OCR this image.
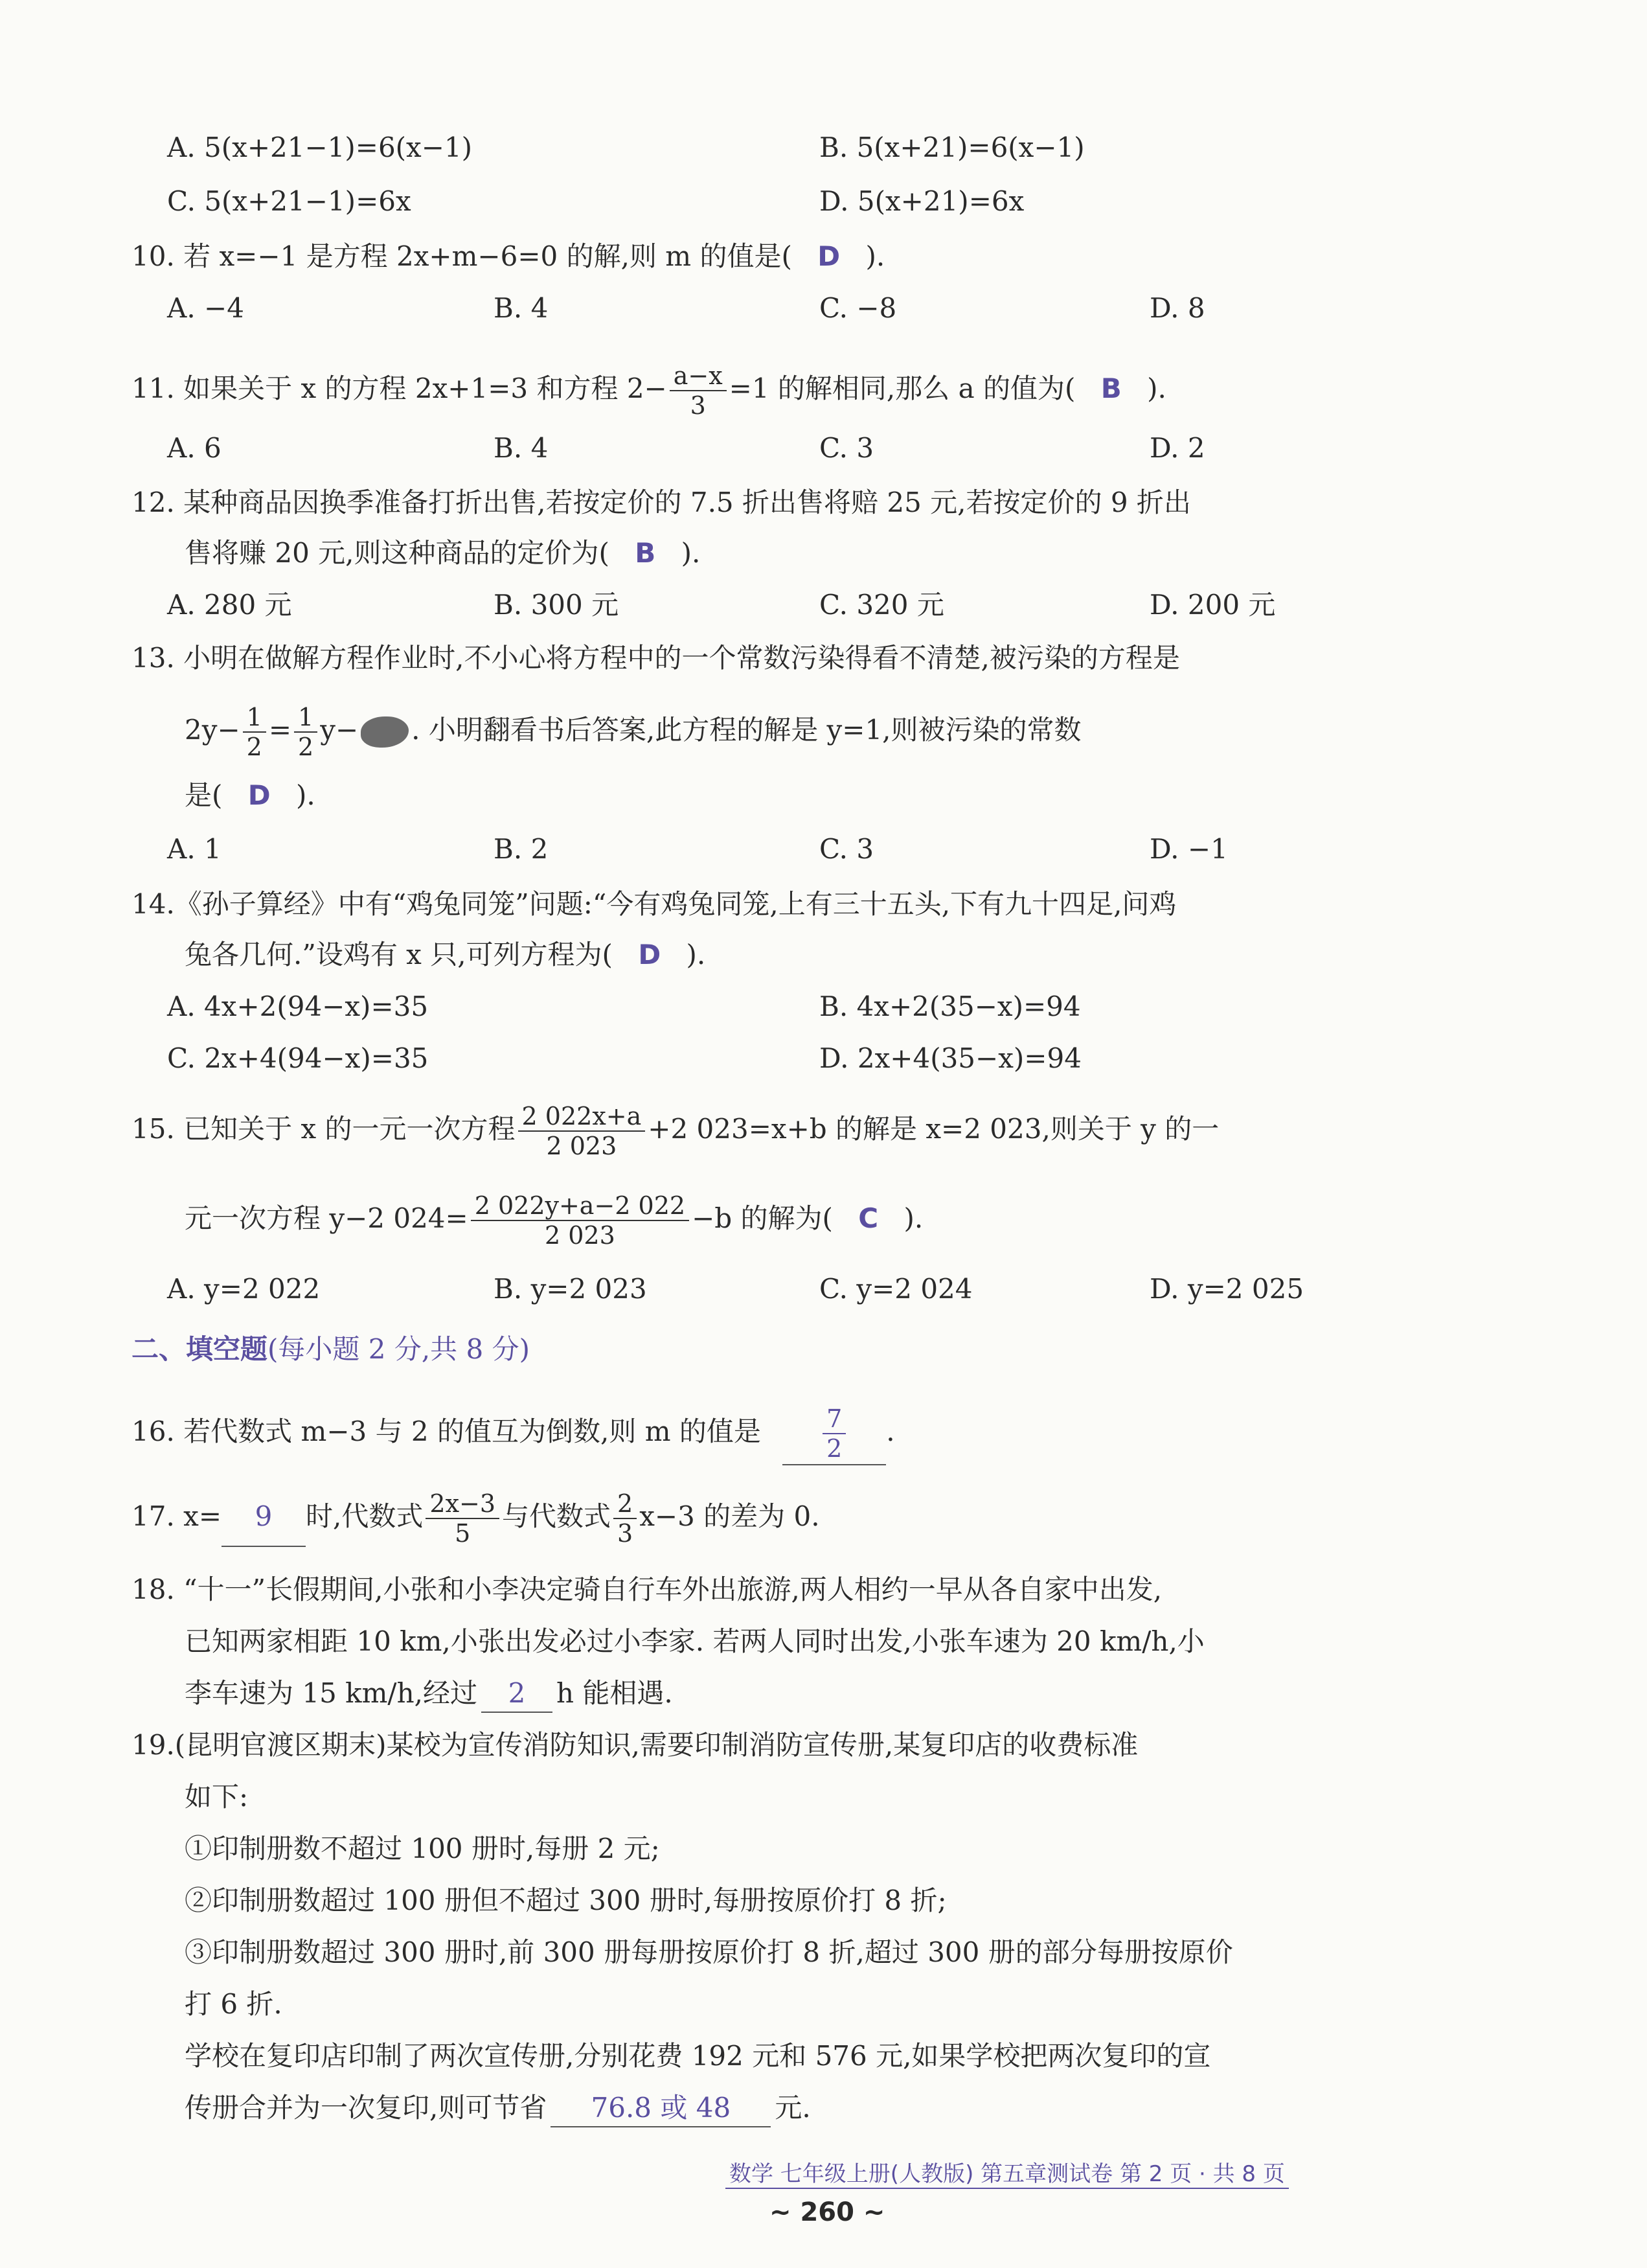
A. 5(x+21−1)=6(x−1)	B. 5(x+21)=6(x−1)
C. 5(x+21−1)=6x	D. 5(x+21)=6x
10. 若 x=−1 是方程 2x+m−6=0 的解,则 m 的值是( D ).
A. −4	B. 4	C. −8	D. 8
11. 如果关于 x 的方程 2x+1=3 和方程 $2- \frac{a-x}{3} =1$ 的解相同,那么 a 的值为( B ).
A. 6	B. 4	C. 3	D. 2
12. 某种商品因换季准备打折出售,若按定价的 7.5 折出售将赔 25 元,若按定价的 9 折出
售将赚 20 元,则这种商品的定价为( B ).
A. 280 元	B. 300 元	C. 320 元	D. 200 元
13. 小明在做解方程作业时,不小心将方程中的一个常数污染得看不清楚,被污染的方程是
$2y- \frac{1}{2} = \frac{1}{2} y-$ . 小明翻看书后答案,此方程的解是 y=1,则被污染的常数
是( D ).
A. 1	B. 2	C. 3	D. −1
14.《孙子算经》中有“鸡兔同笼”问题:“今有鸡兔同笼,上有三十五头,下有九十四足,问鸡
兔各几何.”设鸡有 x 只,可列方程为( D ).
A. 4x+2(94−x)=35	B. 4x+2(35−x)=94
C. 2x+4(94−x)=35	D. 2x+4(35−x)=94
15. 已知关于 x 的一元一次方程 $\frac{2 022x+a}{2 023} +2$ 023=x+b 的解是 x=2 023,则关于 y 的一
元一次方程 y−2 $024= \frac{2 022y+a-2 022}{2 023} -b$ 的解为( C ).
A. y=2 022	B. y=2 023	C. y=2 024	D. y=2 025
二、填空题(每小题 2 分,共 8 分)
16. 若代数式 m−3 与 2 的值互为倒数,则 m 的值是	$\frac{7}{2}$ .
17. x= 9 时,代数式 $\frac{2x-3}{5}$ 与代数式 $\frac{2}{3} x-3$ 的差为 0.
18. “十一”长假期间,小张和小李决定骑自行车外出旅游,两人相约一早从各自家中出发,
已知两家相距 10 km,小张出发必过小李家. 若两人同时出发,小张车速为 20 km/h,小
李车速为 15 km/h,经过 2 h 能相遇.
19.(昆明官渡区期末)某校为宣传消防知识,需要印制消防宣传册,某复印店的收费标准
如下:
①印制册数不超过 100 册时,每册 2 元;
②印制册数超过 100 册但不超过 300 册时,每册按原价打 8 折;
③印制册数超过 300 册时,前 300 册每册按原价打 8 折,超过 300 册的部分每册按原价
打 6 折.
学校在复印店印制了两次宣传册,分别花费 192 元和 576 元,如果学校把两次复印的宣
传册合并为一次复印,则可节省 76.8 或 48 元.
数学 七年级上册(人教版) 第五章测试卷 第 2 页 · 共 8 页
~ 260 ~
